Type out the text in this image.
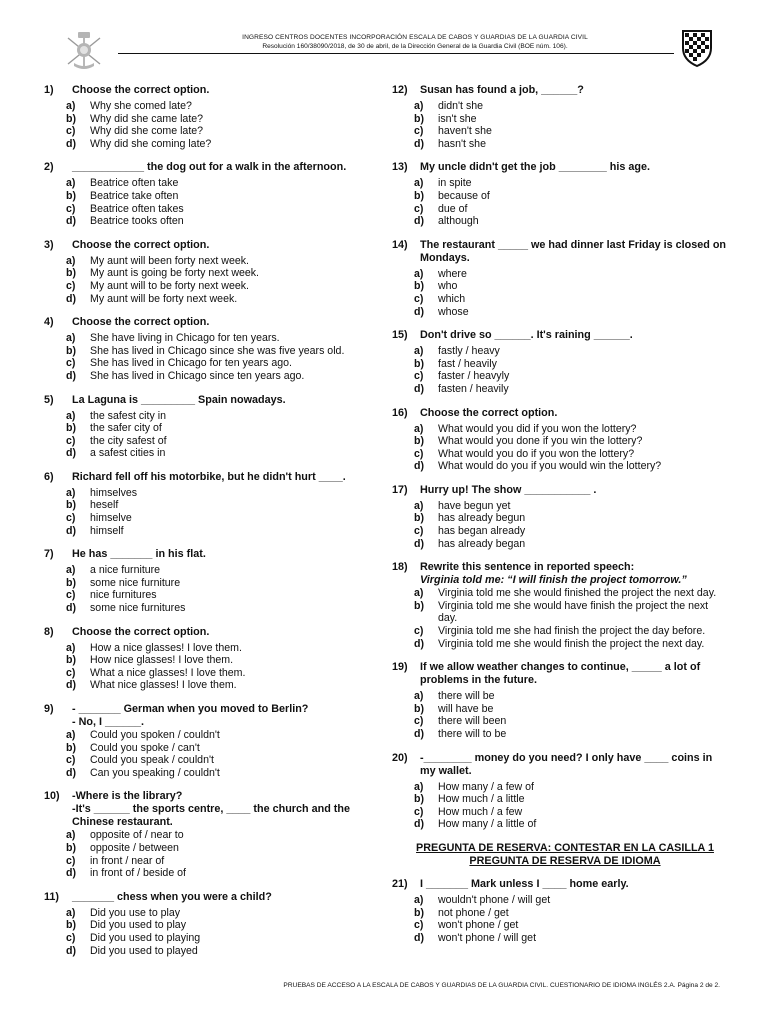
INGRESO CENTROS DOCENTES INCORPORACIÓN ESCALA DE CABOS Y GUARDIAS DE LA GUARDIA CIVIL
Resolución 160/38090/2018, de 30 de abril, de la Dirección General de la Guardia Civil (BOE núm. 106).
1)	Choose the correct option.
a)	Why she comed late?
b)	Why did she came late?
c)	Why did she come late?
d)	Why did she coming late?
2)	____________ the dog out for a walk in the afternoon.
a)	Beatrice often take
b)	Beatrice take often
c)	Beatrice often takes
d)	Beatrice tooks often
3)	Choose the correct option.
a)	My aunt will been forty next week.
b)	My aunt is going be forty next week.
c)	My aunt will to be forty next week.
d)	My aunt will be forty next week.
4)	Choose the correct option.
a)	She have living in Chicago for ten years.
b)	She has lived in Chicago since she was five years old.
c)	She has lived in Chicago for ten years ago.
d)	She has lived in Chicago since ten years ago.
5)	La Laguna is _________ Spain nowadays.
a)	the safest city in
b)	the safer city of
c)	the city safest of
d)	a safest cities in
6)	Richard fell off his motorbike, but he didn't hurt ____.
a)	himselves
b)	heself
c)	himselve
d)	himself
7)	He has _______ in his flat.
a)	a nice furniture
b)	some nice furniture
c)	nice furnitures
d)	some nice furnitures
8)	Choose the correct option.
a)	How a nice glasses! I love them.
b)	How nice glasses! I love them.
c)	What a nice glasses! I love them.
d)	What nice glasses! I love them.
9)	- _______ German when you moved to Berlin?
- No, I ______.
a)	Could you spoken / couldn't
b)	Could you spoke / can't
c)	Could you speak / couldn't
d)	Can you speaking / couldn't
10)	-Where is the library?
-It's ______ the sports centre, ____ the church and the Chinese restaurant.
a)	opposite of / near to
b)	opposite / between
c)	in front / near of
d)	in front of / beside of
11)	_______ chess when you were a child?
a)	Did you use to play
b)	Did you used to play
c)	Did you used to playing
d)	Did you used to played
12)	Susan has found a job, ______?
a)	didn't she
b)	isn't she
c)	haven't she
d)	hasn't she
13)	My uncle didn't get the job ________ his age.
a)	in spite
b)	because of
c)	due of
d)	although
14)	The restaurant _____ we had dinner last Friday is closed on Mondays.
a)	where
b)	who
c)	which
d)	whose
15)	Don't drive so ______. It's raining ______.
a)	fastly / heavy
b)	fast / heavily
c)	faster / heavyly
d)	fasten / heavily
16)	Choose the correct option.
a)	What would you did if you won the lottery?
b)	What would you done if you win the lottery?
c)	What would you do if you won the lottery?
d)	What would do you if you would win the lottery?
17)	Hurry up! The show ___________ .
a)	have begun yet
b)	has already begun
c)	has began already
d)	has already began
18)	Rewrite this sentence in reported speech:
Virginia told me: “I will finish the project tomorrow.”
a)	Virginia told me she would finished the project the next day.
b)	Virginia told me she would have finish the project the next day.
c)	Virginia told me she had finish the project the day before.
d)	Virginia told me she would finish the project the next day.
19)	If we allow weather changes to continue, _____ a lot of problems in the future.
a)	there will be
b)	will have be
c)	there will been
d)	there will to be
20)	-________ money do you need? I only have ____ coins in my wallet.
a)	How many / a few of
b)	How much / a little
c)	How much / a few
d)	How many / a little of
PREGUNTA DE RESERVA: CONTESTAR EN LA CASILLA 1 PREGUNTA DE RESERVA DE IDIOMA
21)	I _______ Mark unless I ____ home early.
a)	wouldn't phone / will get
b)	not phone / get
c)	won't phone / get
d)	won't phone / will get
PRUEBAS DE ACCESO A LA ESCALA DE CABOS Y GUARDIAS DE LA GUARDIA CIVIL. CUESTIONARIO DE IDIOMA INGLÉS 2.A. Página 2 de 2.
